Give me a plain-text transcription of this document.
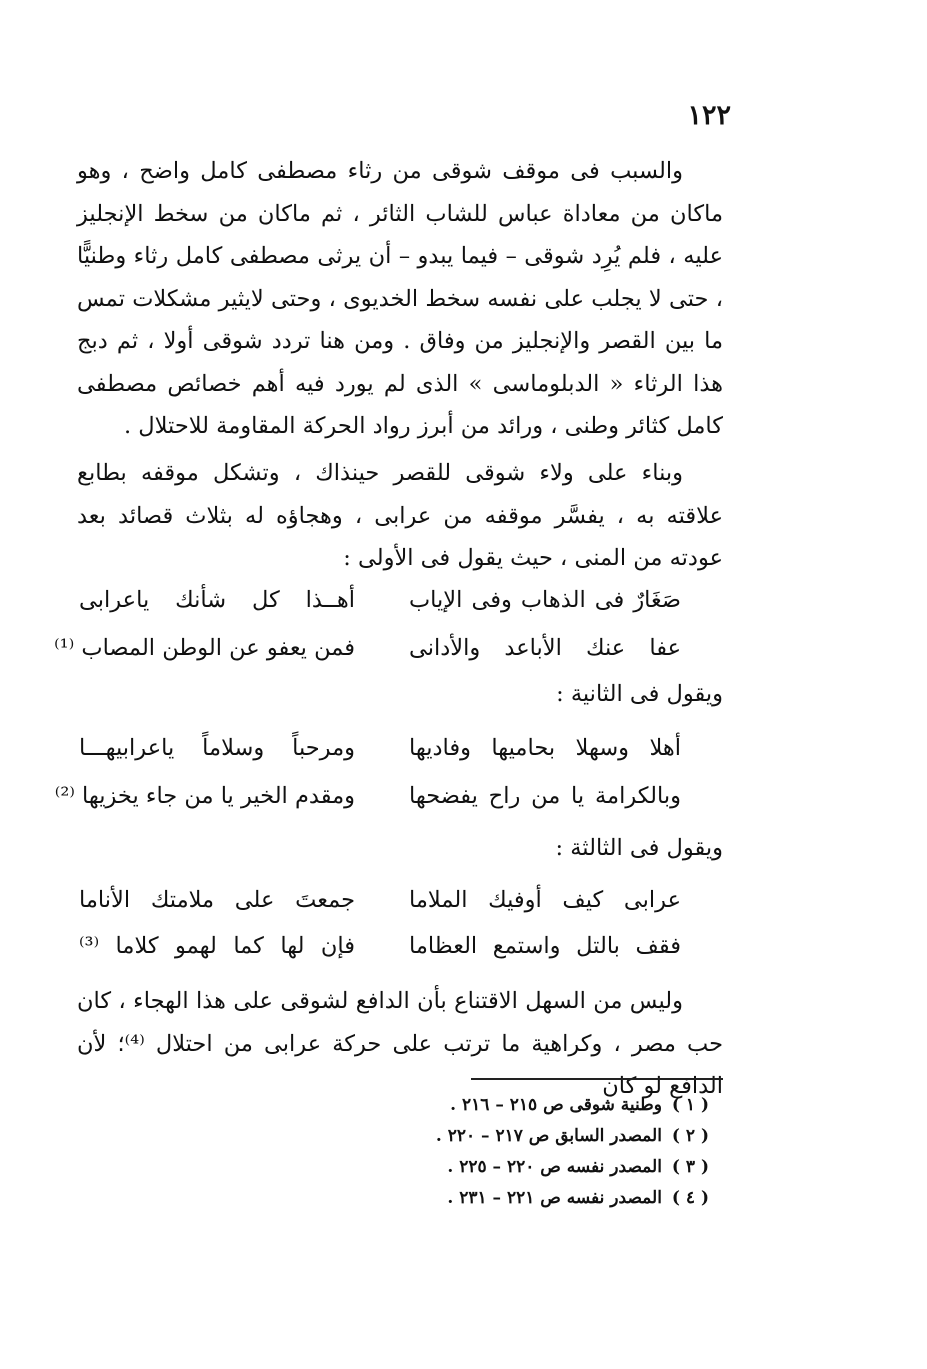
١٢٢

والسبب فى موقف شوقى من رثاء مصطفى كامل واضح ، وهو ماكان من معاداة عباس للشاب الثائر ، ثم ماكان من سخط الإنجليز عليه ، فلم يُرِد شوقى – فيما يبدو – أن يرثى مصطفى كامل رثاء وطنيًّا ، حتى لا يجلب على نفسه سخط الخديوى ، وحتى لايثير مشكلات تمس ما بين القصر والإنجليز من وفاق . ومن هنا تردد شوقى أولا ، ثم دبج هذا الرثاء « الدبلوماسى » الذى لم يورد فيه أهم خصائص مصطفى كامل كثائر وطنى ، ورائد من أبرز رواد الحركة المقاومة للاحتلال .

وبناء على ولاء شوقى للقصر حينذاك ، وتشكل موقفه بطابع علاقته به ، يفسَّر موقفه من عرابى ، وهجاؤه له بثلاث قصائد بعد عودته من المنى ، حيث يقول فى الأولى :

صَغَارٌ فى الذهاب وفى الإياب
أهــذا كل شأنك ياعرابى
عفا عنك الأباعد والأدانى
فمن يعفو عن الوطن المصاب ⁽¹⁾
ويقول فى الثانية :
أهلا وسهلا بحاميها وفاديها
ومرحباً وسلاماً ياعرابيهـــا
وبالكرامة يا من راح يفضحها
ومقدم الخير يا من جاء يخزيها ⁽²⁾
ويقول فى الثالثة :
عرابى كيف أوفيك الملاما
جمعتَ على ملامتك الأناما
فقف بالتل واستمع العظاما
فإن لها كما لهمو كلاما ⁽³⁾

وليس من السهل الاقتناع بأن الدافع لشوقى على هذا الهجاء ، كان حب مصر ، وكراهية ما ترتب على حركة عرابى من احتلال ⁽⁴⁾؛ لأن الدافع لو كان

( ١ )وطنية شوقى ص ٢١٥ – ٢١٦ .
( ٢ )المصدر السابق ص ٢١٧ – ٢٢٠ .
( ٣ )المصدر نفسه ص ٢٢٠ – ٢٢٥ .
( ٤ )المصدر نفسه ص ٢٢١ – ٢٣١ .
